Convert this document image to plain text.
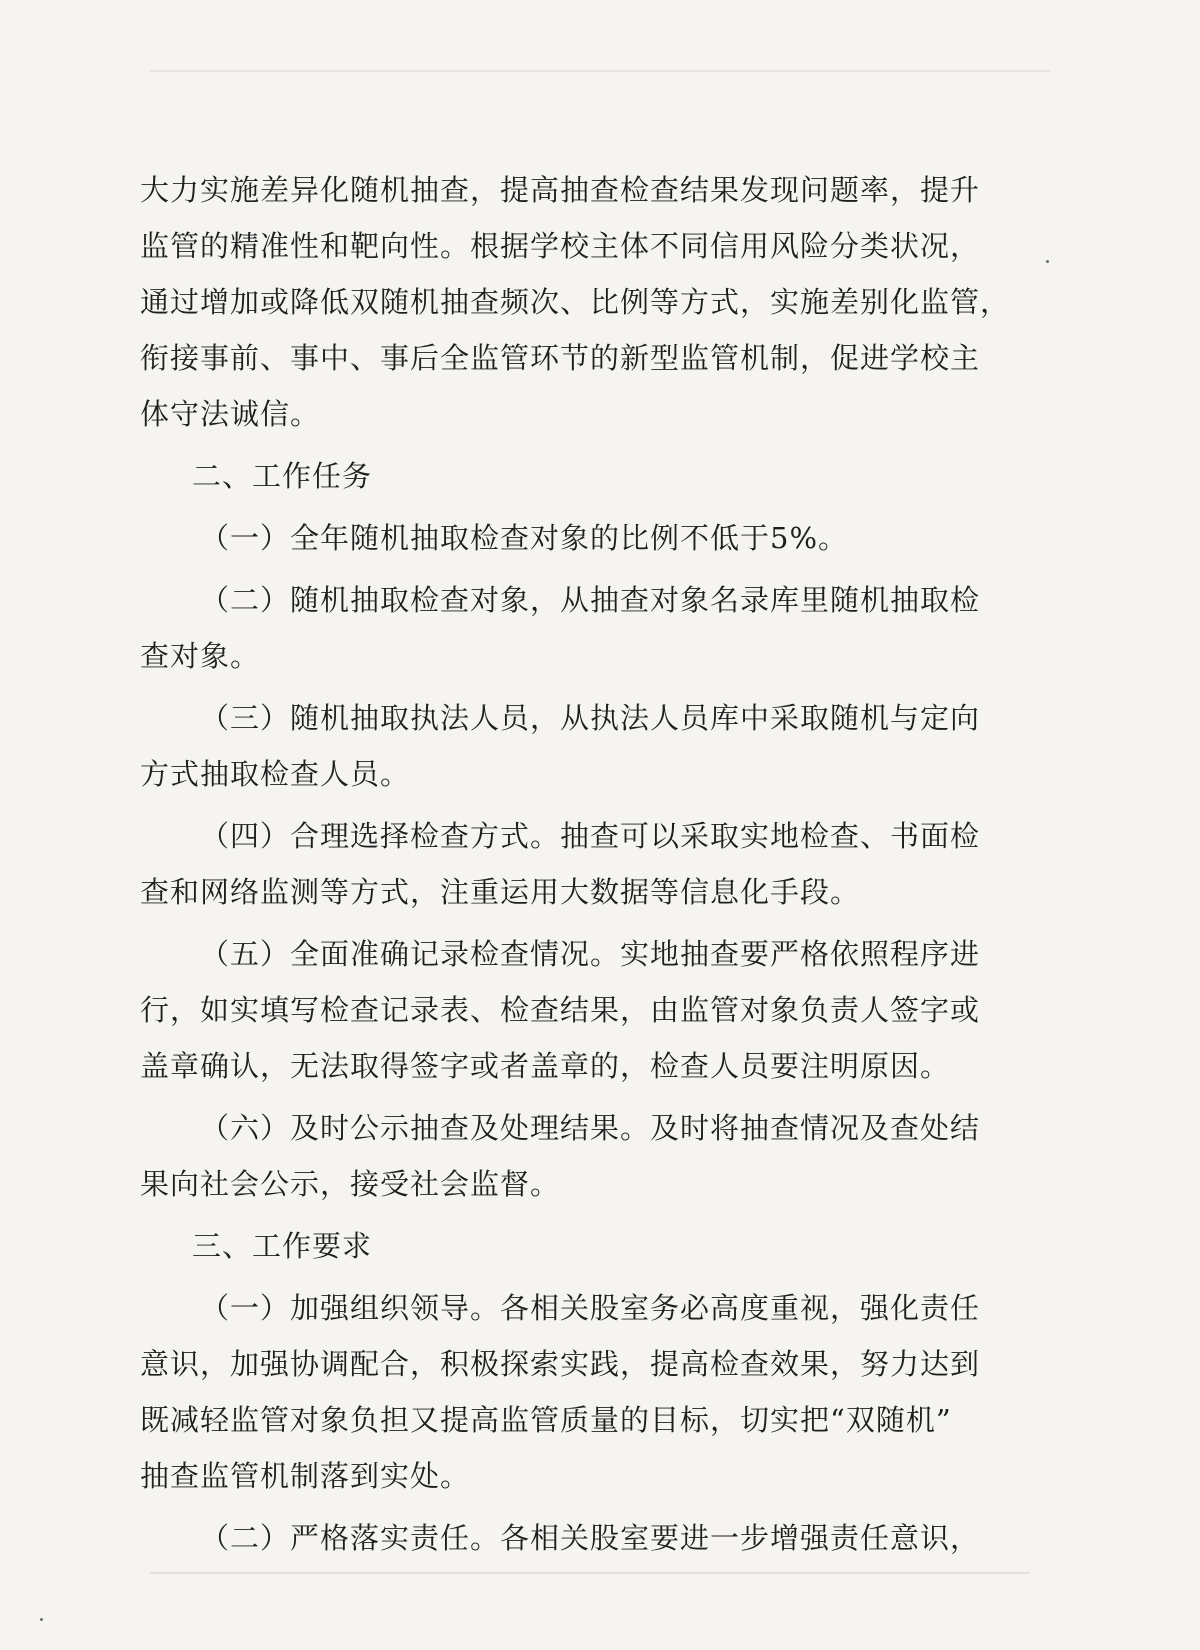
大力实施差异化随机抽查，提高抽查检查结果发现问题率，提升
监管的精准性和靶向性。根据学校主体不同信用风险分类状况，
通过增加或降低双随机抽查频次、比例等方式，实施差别化监管，
衔接事前、事中、事后全监管环节的新型监管机制，促进学校主
体守法诚信。
二、工作任务
（一）全年随机抽取检查对象的比例不低于5%。
（二）随机抽取检查对象，从抽查对象名录库里随机抽取检
查对象。
（三）随机抽取执法人员，从执法人员库中采取随机与定向
方式抽取检查人员。
（四）合理选择检查方式。抽查可以采取实地检查、书面检
查和网络监测等方式，注重运用大数据等信息化手段。
（五）全面准确记录检查情况。实地抽查要严格依照程序进
行，如实填写检查记录表、检查结果，由监管对象负责人签字或
盖章确认，无法取得签字或者盖章的，检查人员要注明原因。
（六）及时公示抽查及处理结果。及时将抽查情况及查处结
果向社会公示，接受社会监督。
三、工作要求
（一）加强组织领导。各相关股室务必高度重视，强化责任
意识，加强协调配合，积极探索实践，提高检查效果，努力达到
既减轻监管对象负担又提高监管质量的目标，切实把“双随机”
抽查监管机制落到实处。
（二）严格落实责任。各相关股室要进一步增强责任意识，
